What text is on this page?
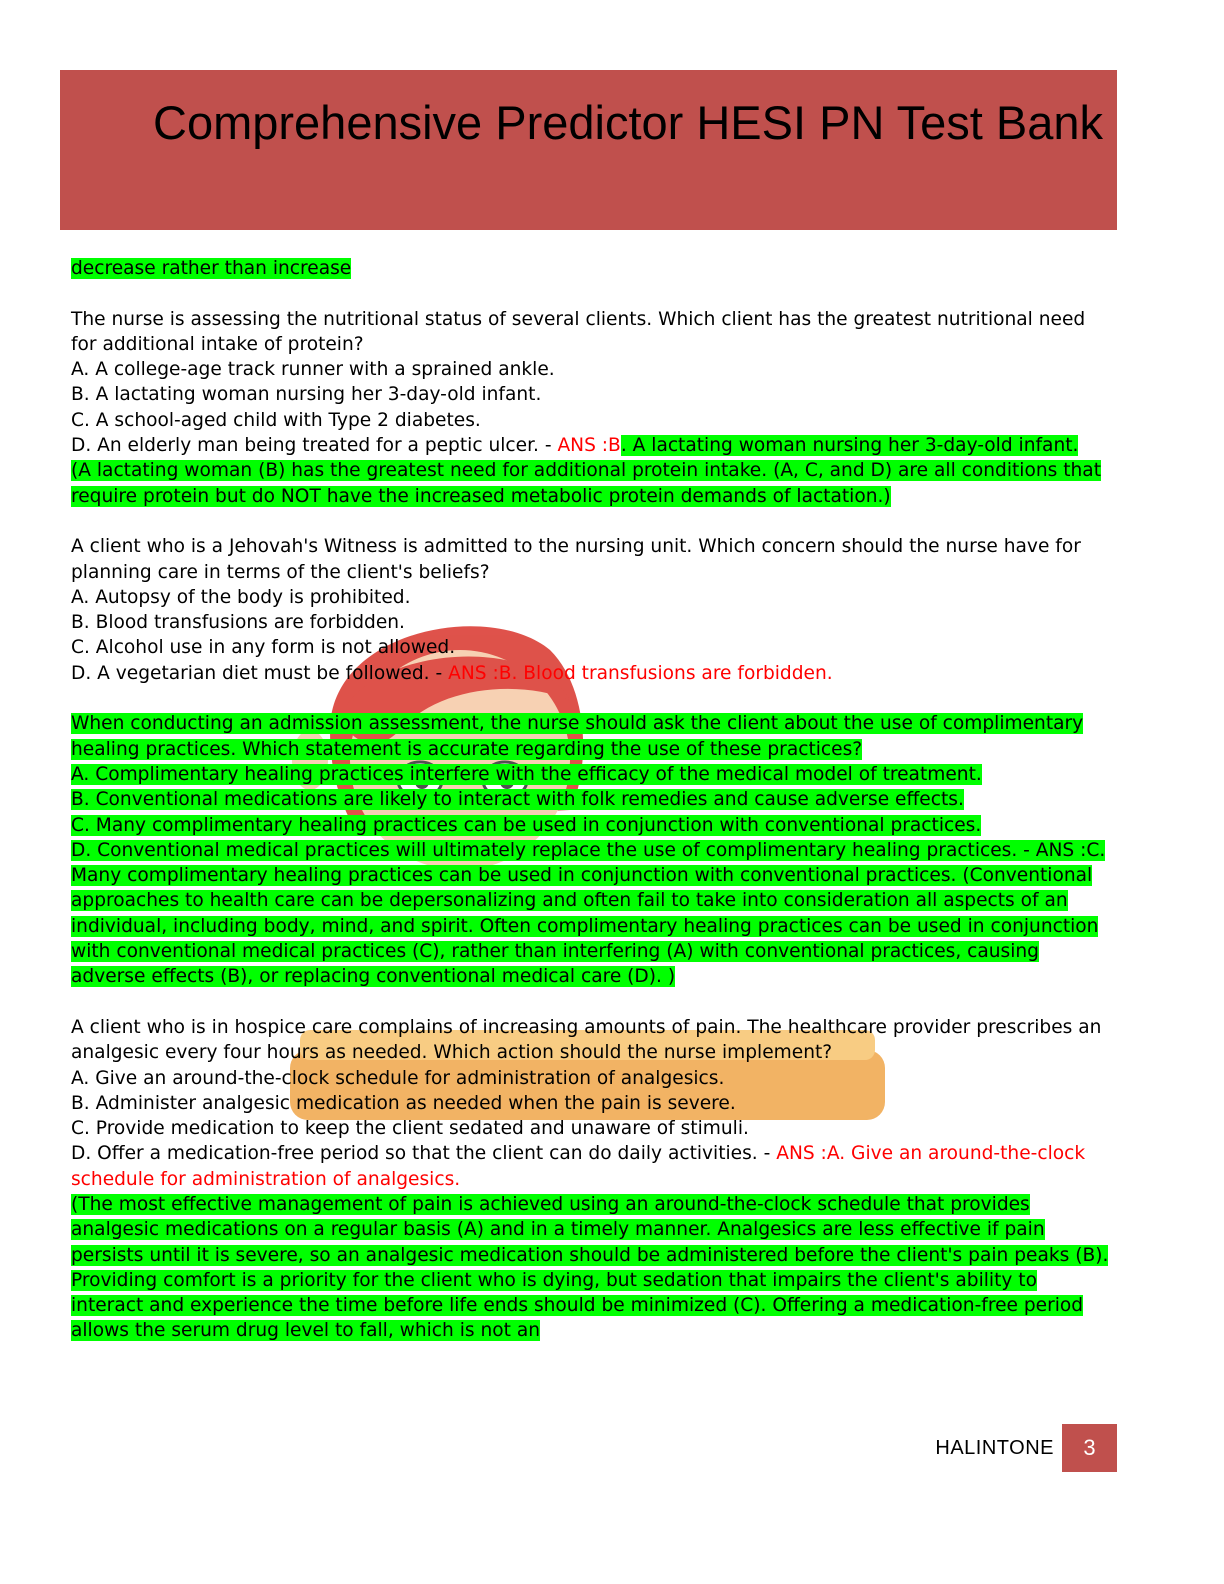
Comprehensive Predictor HESI PN Test Bank

decrease rather than increase

The nurse is assessing the nutritional status of several clients. Which client has the greatest nutritional need for additional intake of protein?

A. A college-age track runner with a sprained ankle.

B. A lactating woman nursing her 3-day-old infant.

C. A school-aged child with Type 2 diabetes.

D. An elderly man being treated for a peptic ulcer. - ANS :B. A lactating woman nursing her 3-day-old infant.

(A lactating woman (B) has the greatest need for additional protein intake. (A, C, and D) are all conditions that require protein but do NOT have the increased metabolic protein demands of lactation.)

A client who is a Jehovah's Witness is admitted to the nursing unit. Which concern should the nurse have for planning care in terms of the client's beliefs?

A. Autopsy of the body is prohibited.

B. Blood transfusions are forbidden.

C. Alcohol use in any form is not allowed.

D. A vegetarian diet must be followed. - ANS :B. Blood transfusions are forbidden.

When conducting an admission assessment, the nurse should ask the client about the use of complimentary healing practices. Which statement is accurate regarding the use of these practices?

A. Complimentary healing practices interfere with the efficacy of the medical model of treatment.

B. Conventional medications are likely to interact with folk remedies and cause adverse effects.

C. Many complimentary healing practices can be used in conjunction with conventional practices.

D. Conventional medical practices will ultimately replace the use of complimentary healing practices. - ANS :C. Many complimentary healing practices can be used in conjunction with conventional practices. (Conventional approaches to health care can be depersonalizing and often fail to take into consideration all aspects of an individual, including body, mind, and spirit. Often complimentary healing practices can be used in conjunction with conventional medical practices (C), rather than interfering (A) with conventional practices, causing adverse effects (B), or replacing conventional medical care (D). )

A client who is in hospice care complains of increasing amounts of pain. The healthcare provider prescribes an analgesic every four hours as needed. Which action should the nurse implement?

A. Give an around-the-clock schedule for administration of analgesics.

B. Administer analgesic medication as needed when the pain is severe.

C. Provide medication to keep the client sedated and unaware of stimuli.

D. Offer a medication-free period so that the client can do daily activities. - ANS :A. Give an around-the-clock schedule for administration of analgesics.

(The most effective management of pain is achieved using an around-the-clock schedule that provides analgesic medications on a regular basis (A) and in a timely manner. Analgesics are less effective if pain persists until it is severe, so an analgesic medication should be administered before the client's pain peaks (B). Providing comfort is a priority for the client who is dying, but sedation that impairs the client's ability to interact and experience the time before life ends should be minimized (C). Offering a medication-free period allows the serum drug level to fall, which is not an

HALINTONE	3
